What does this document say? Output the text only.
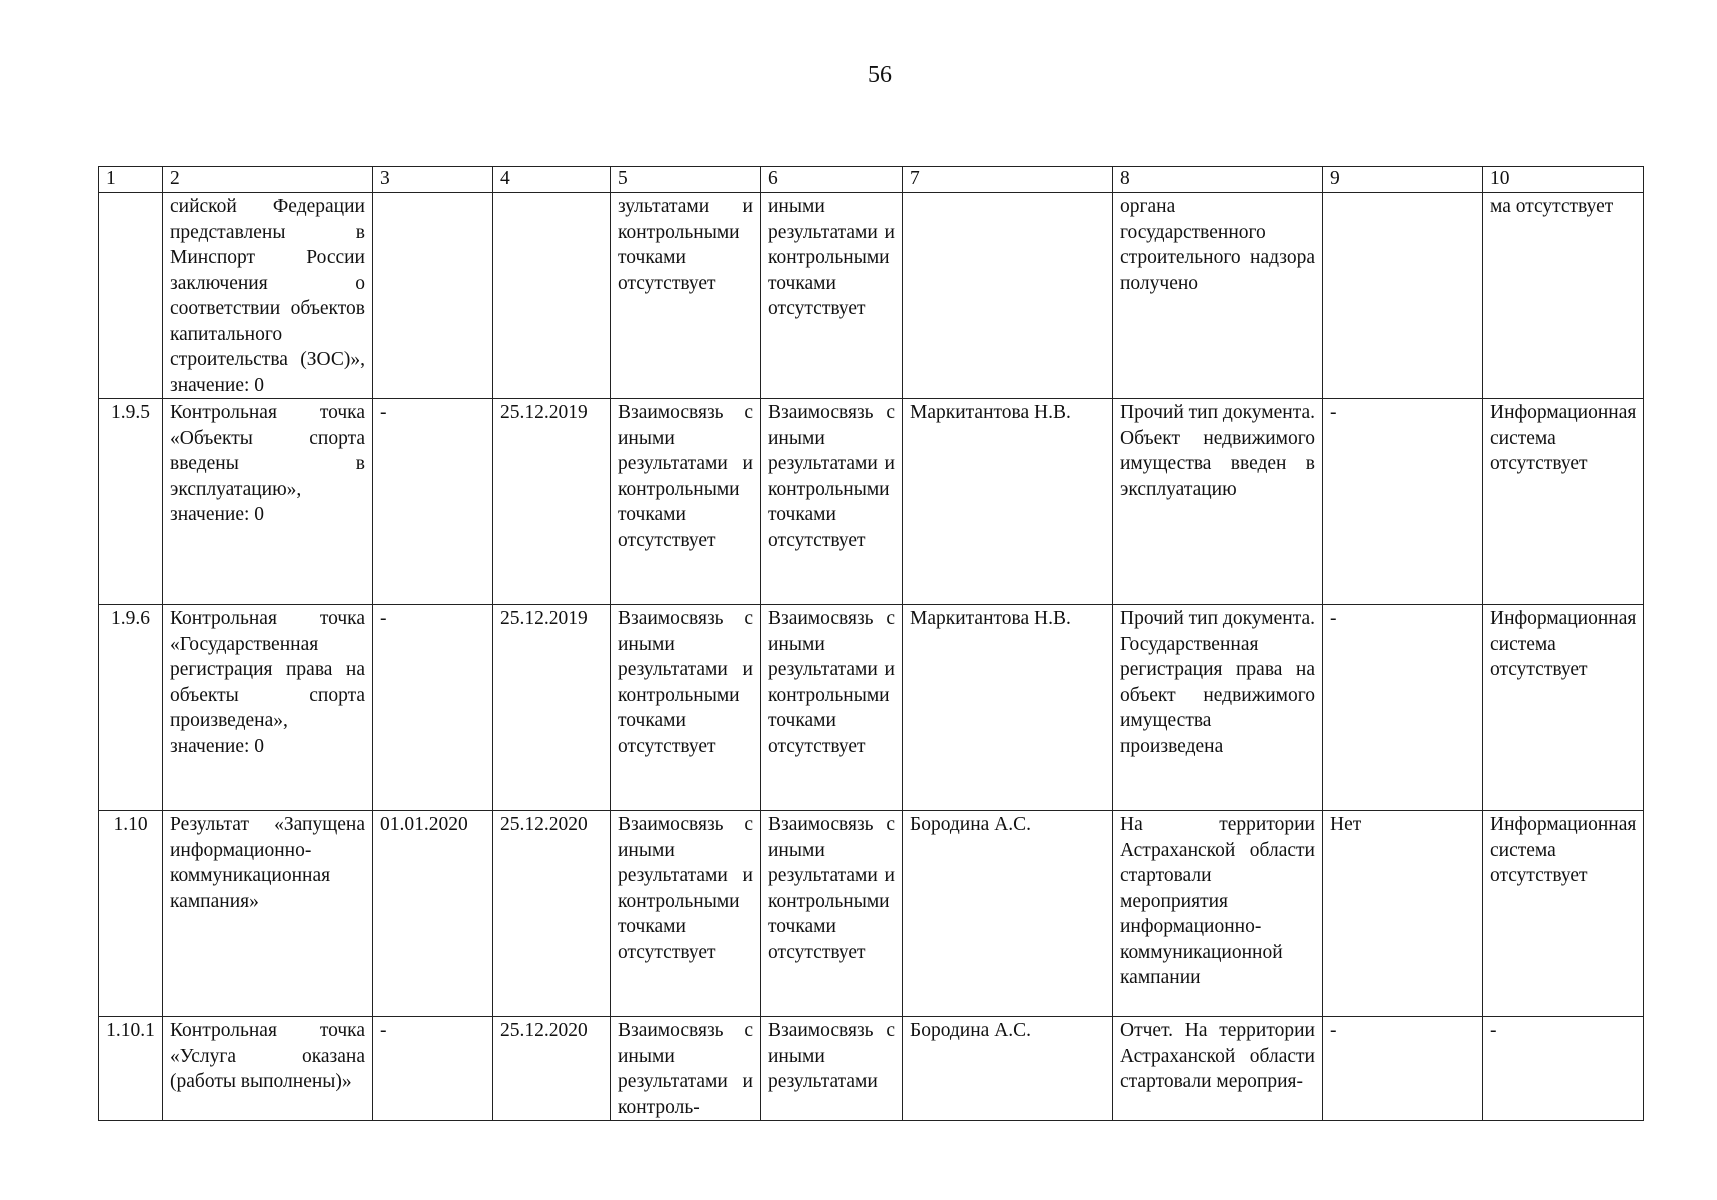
56
1	2	3	4	5	6	7	8	9	10
	сийской Федерации представлены в Минспорт России заключения о соответствии объектов капитального строительства (ЗОС)», значение: 0			зультатами и контрольными точками отсутствует	иными результатами и контрольными точками отсутствует		органа государственного строительного надзора получено		ма отсутствует
1.9.5	Контрольная точка «Объекты спорта введены в эксплуатацию», значение: 0	-	25.12.2019	Взаимосвязь с иными результатами и контрольными точками отсутствует	Взаимосвязь с иными результатами и контрольными точками отсутствует	Маркитантова Н.В.	Прочий тип документа. Объект недвижимого имущества введен в эксплуатацию	-	Информационная система отсутствует
1.9.6	Контрольная точка «Государственная регистрация права на объекты спорта произведена», значение: 0	-	25.12.2019	Взаимосвязь с иными результатами и контрольными точками отсутствует	Взаимосвязь с иными результатами и контрольными точками отсутствует	Маркитантова Н.В.	Прочий тип документа. Государственная регистрация права на объект недвижимого имущества произведена	-	Информационная система отсутствует
1.10	Результат «Запущена информационно-коммуникационная кампания»	01.01.2020	25.12.2020	Взаимосвязь с иными результатами и контрольными точками отсутствует	Взаимосвязь с иными результатами и контрольными точками отсутствует	Бородина А.С.	На территории Астраханской области стартовали мероприятия информационно-коммуникационной кампании	Нет	Информационная система отсутствует
1.10.1	Контрольная точка «Услуга оказана (работы выполнены)»	-	25.12.2020	Взаимосвязь с иными результатами и контроль-	Взаимосвязь с иными результатами	Бородина А.С.	Отчет. На территории Астраханской области стартовали мероприя-	-	-
